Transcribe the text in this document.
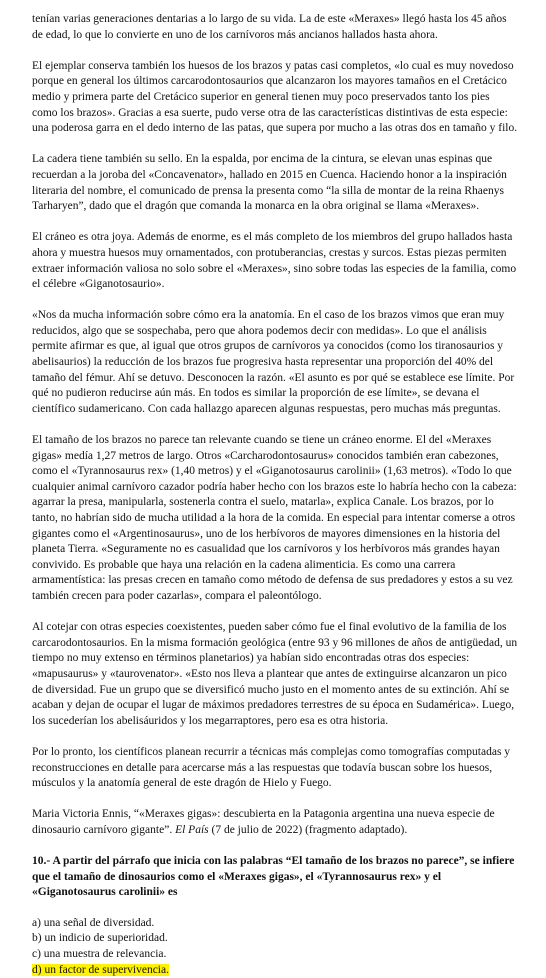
tenían varias generaciones dentarias a lo largo de su vida. La de este «Meraxes» llegó hasta los 45 años de edad, lo que lo convierte en uno de los carnívoros más ancianos hallados hasta ahora.

El ejemplar conserva también los huesos de los brazos y patas casi completos, «lo cual es muy novedoso porque en general los últimos carcarodontosaurios que alcanzaron los mayores tamaños en el Cretácico medio y primera parte del Cretácico superior en general tienen muy poco preservados tanto los pies como los brazos». Gracias a esa suerte, pudo verse otra de las características distintivas de esta especie: una poderosa garra en el dedo interno de las patas, que supera por mucho a las otras dos en tamaño y filo.

La cadera tiene también su sello. En la espalda, por encima de la cintura, se elevan unas espinas que recuerdan a la joroba del «Concavenator», hallado en 2015 en Cuenca. Haciendo honor a la inspiración literaria del nombre, el comunicado de prensa la presenta como “la silla de montar de la reina Rhaenys Tarharyen”, dado que el dragón que comanda la monarca en la obra original se llama «Meraxes».

El cráneo es otra joya. Además de enorme, es el más completo de los miembros del grupo hallados hasta ahora y muestra huesos muy ornamentados, con protuberancias, crestas y surcos. Estas piezas permiten extraer información valiosa no solo sobre el «Meraxes», sino sobre todas las especies de la familia, como el célebre «Giganotosaurio».

«Nos da mucha información sobre cómo era la anatomía. En el caso de los brazos vimos que eran muy reducidos, algo que se sospechaba, pero que ahora podemos decir con medidas». Lo que el análisis permite afirmar es que, al igual que otros grupos de carnívoros ya conocidos (como los tiranosaurios y abelisaurios) la reducción de los brazos fue progresiva hasta representar una proporción del 40% del tamaño del fémur. Ahí se detuvo. Desconocen la razón. «El asunto es por qué se establece ese límite. Por qué no pudieron reducirse aún más. En todos es similar la proporción de ese límite», se devana el científico sudamericano. Con cada hallazgo aparecen algunas respuestas, pero muchas más preguntas.

El tamaño de los brazos no parece tan relevante cuando se tiene un cráneo enorme. El del «Meraxes gigas» medía 1,27 metros de largo. Otros «Carcharodontosaurus» conocidos también eran cabezones, como el «Tyrannosaurus rex» (1,40 metros) y el «Giganotosaurus carolinii» (1,63 metros). «Todo lo que cualquier animal carnívoro cazador podría haber hecho con los brazos este lo habría hecho con la cabeza: agarrar la presa, manipularla, sostenerla contra el suelo, matarla», explica Canale. Los brazos, por lo tanto, no habrían sido de mucha utilidad a la hora de la comida. En especial para intentar comerse a otros gigantes como el «Argentinosaurus», uno de los herbívoros de mayores dimensiones en la historia del planeta Tierra. «Seguramente no es casualidad que los carnívoros y los herbívoros más grandes hayan convivido. Es probable que haya una relación en la cadena alimenticia. Es como una carrera armamentística: las presas crecen en tamaño como método de defensa de sus predadores y estos a su vez también crecen para poder cazarlas», compara el paleontólogo.

Al cotejar con otras especies coexistentes, pueden saber cómo fue el final evolutivo de la familia de los carcarodontosaurios. En la misma formación geológica (entre 93 y 96 millones de años de antigüedad, un tiempo no muy extenso en términos planetarios) ya habían sido encontradas otras dos especies: «mapusaurus» y «taurovenator». «Esto nos lleva a plantear que antes de extinguirse alcanzaron un pico de diversidad. Fue un grupo que se diversificó mucho justo en el momento antes de su extinción. Ahí se acaban y dejan de ocupar el lugar de máximos predadores terrestres de su época en Sudamérica». Luego, los sucederían los abelisáuridos y los megarraptores, pero esa es otra historia.

Por lo pronto, los científicos planean recurrir a técnicas más complejas como tomografías computadas y reconstrucciones en detalle para acercarse más a las respuestas que todavía buscan sobre los huesos, músculos y la anatomía general de este dragón de Hielo y Fuego.

Maria Victoria Ennis, “«Meraxes gigas»: descubierta en la Patagonia argentina una nueva especie de dinosaurio carnívoro gigante”. El País (7 de julio de 2022) (fragmento adaptado).

10.- A partir del párrafo que inicia con las palabras “El tamaño de los brazos no parece”, se infiere que el tamaño de dinosaurios como el «Meraxes gigas», el «Tyrannosaurus rex» y el «Giganotosaurus carolinii» es
a) una señal de diversidad.
b) un indicio de superioridad.
c) una muestra de relevancia.
d) un factor de supervivencia.
